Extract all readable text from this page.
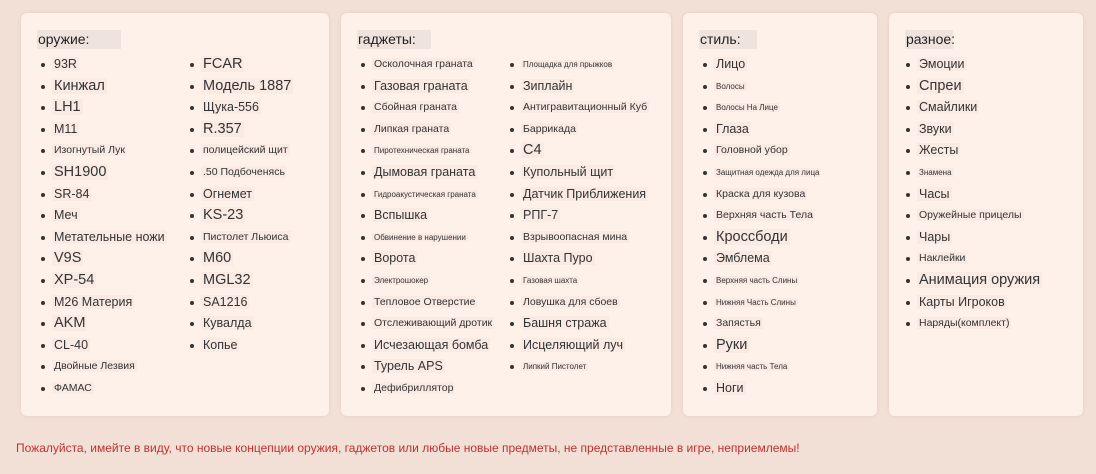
оружие:
93R
Кинжал
LH1
M11
Изогнутый Лук
SH1900
SR-84
Меч
Метательные ножи
V9S
XP-54
M26 Материя
AKM
CL-40
Двойные Лезвия
ФАМАС
FCAR
Модель 1887
Щука-556
R.357
полицейский щит
.50 Подбоченясь
Огнемет
KS-23
Пистолет Льюиса
M60
MGL32
SA1216
Кувалда
Копье
гаджеты:
Осколочная граната
Газовая граната
Сбойная граната
Липкая граната
Пиротехническая граната
Дымовая граната
Гидроакустическая граната
Вспышка
Обвинение в нарушении
Ворота
Электрошокер
Тепловое Отверстие
Отслеживающий дротик
Исчезающая бомба
Турель APS
Дефибриллятор
Площадка для прыжков
Зиплайн
Антигравитационный Куб
Баррикада
C4
Купольный щит
Датчик Приближения
РПГ-7
Взрывоопасная мина
Шахта Пуро
Газовая шахта
Ловушка для сбоев
Башня стража
Исцеляющий луч
Липкий Пистолет
стиль:
Лицо
Волосы
Волосы На Лице
Глаза
Головной убор
Защитная одежда для лица
Краска для кузова
Верхняя часть Тела
Кроссбоди
Эмблема
Верхняя часть Слины
Нижняя Часть Слины
Запястья
Руки
Нижняя часть Тела
Ноги
разное:
Эмоции
Спреи
Смайлики
Звуки
Жесты
Знамена
Часы
Оружейные прицелы
Чары
Наклейки
Анимация оружия
Карты Игроков
Наряды(комплект)
Пожалуйста, имейте в виду, что новые концепции оружия, гаджетов или любые новые предметы, не представленные в игре, неприемлемы!
